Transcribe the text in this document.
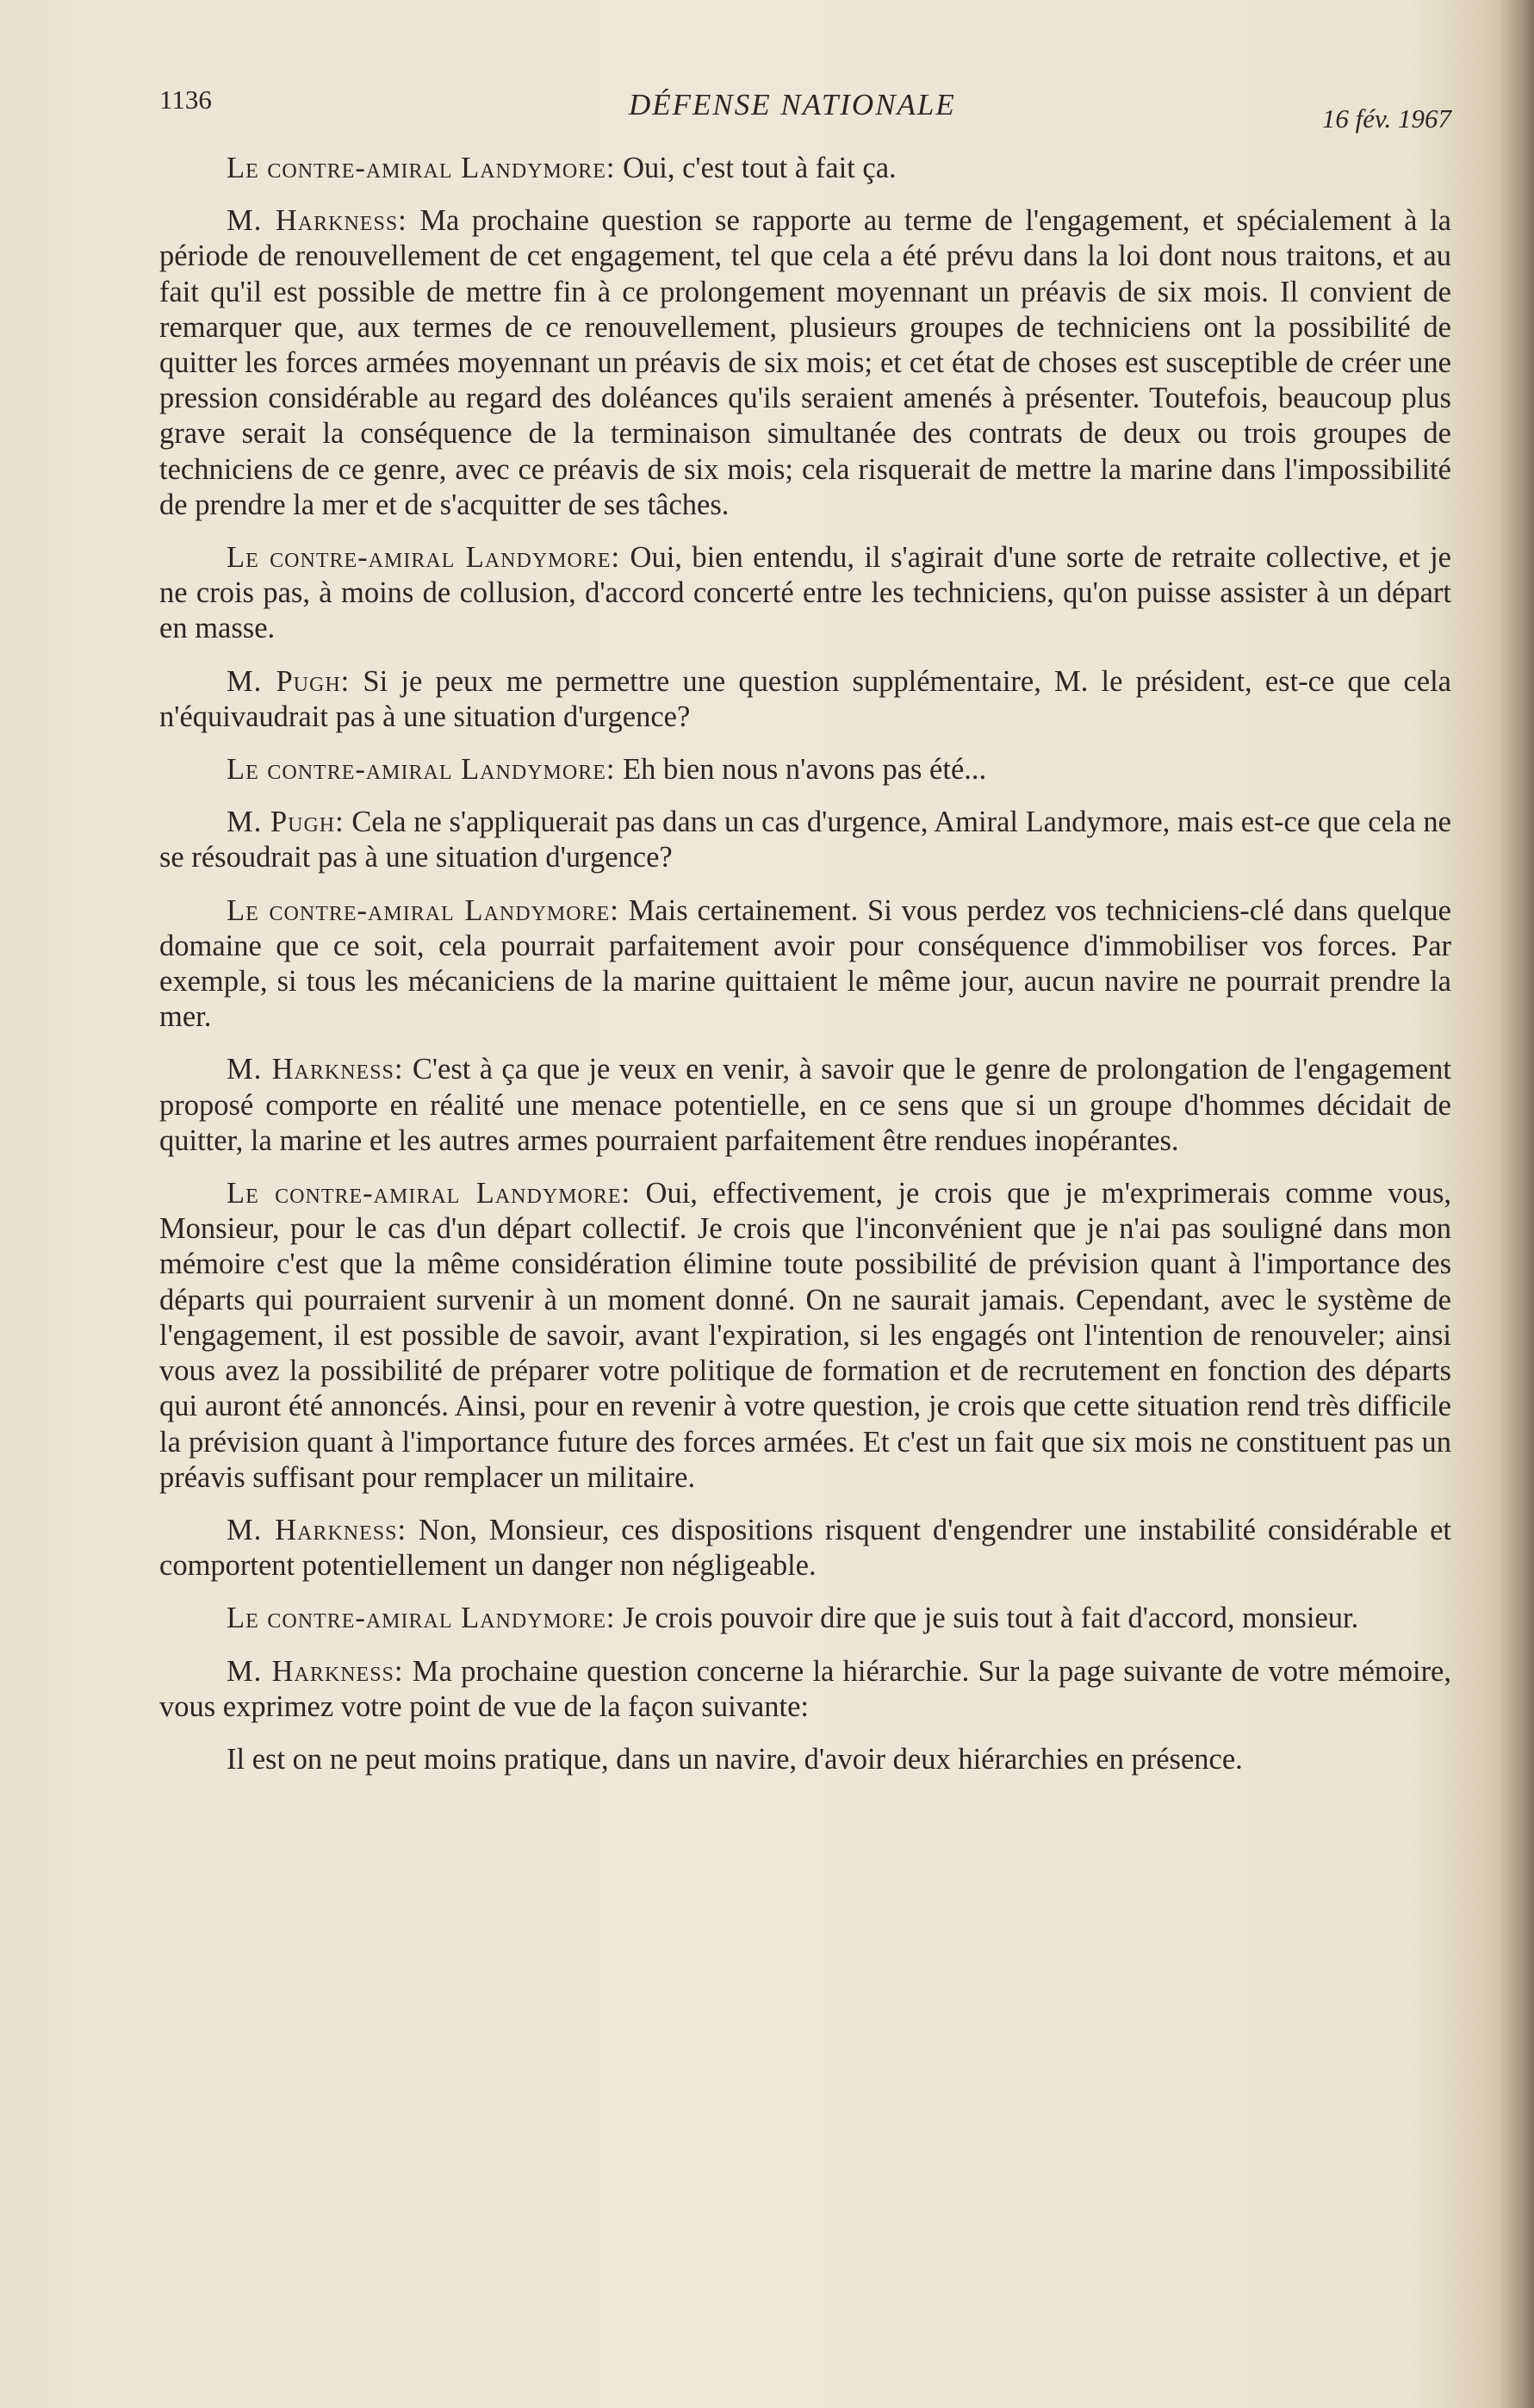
1136	DÉFENSE NATIONALE	16 fév. 1967

Le contre-amiral Landymore: Oui, c'est tout à fait ça.

M. Harkness: Ma prochaine question se rapporte au terme de l'engagement, et spécialement à la période de renouvellement de cet engagement, tel que cela a été prévu dans la loi dont nous traitons, et au fait qu'il est possible de mettre fin à ce prolongement moyennant un préavis de six mois. Il convient de remarquer que, aux termes de ce renouvellement, plusieurs groupes de techniciens ont la possibilité de quitter les forces armées moyennant un préavis de six mois; et cet état de choses est susceptible de créer une pression considérable au regard des doléances qu'ils seraient amenés à présenter. Toutefois, beaucoup plus grave serait la conséquence de la terminaison simultanée des contrats de deux ou trois groupes de techniciens de ce genre, avec ce préavis de six mois; cela risquerait de mettre la marine dans l'impossibilité de prendre la mer et de s'acquitter de ses tâches.

Le contre-amiral Landymore: Oui, bien entendu, il s'agirait d'une sorte de retraite collective, et je ne crois pas, à moins de collusion, d'accord concerté entre les techniciens, qu'on puisse assister à un départ en masse.

M. Pugh: Si je peux me permettre une question supplémentaire, M. le président, est-ce que cela n'équivaudrait pas à une situation d'urgence?

Le contre-amiral Landymore: Eh bien nous n'avons pas été...

M. Pugh: Cela ne s'appliquerait pas dans un cas d'urgence, Amiral Landymore, mais est-ce que cela ne se résoudrait pas à une situation d'urgence?

Le contre-amiral Landymore: Mais certainement. Si vous perdez vos techniciens-clé dans quelque domaine que ce soit, cela pourrait parfaitement avoir pour conséquence d'immobiliser vos forces. Par exemple, si tous les mécaniciens de la marine quittaient le même jour, aucun navire ne pourrait prendre la mer.

M. Harkness: C'est à ça que je veux en venir, à savoir que le genre de prolongation de l'engagement proposé comporte en réalité une menace potentielle, en ce sens que si un groupe d'hommes décidait de quitter, la marine et les autres armes pourraient parfaitement être rendues inopérantes.

Le contre-amiral Landymore: Oui, effectivement, je crois que je m'exprimerais comme vous, Monsieur, pour le cas d'un départ collectif. Je crois que l'inconvénient que je n'ai pas souligné dans mon mémoire c'est que la même considération élimine toute possibilité de prévision quant à l'importance des départs qui pourraient survenir à un moment donné. On ne saurait jamais. Cependant, avec le système de l'engagement, il est possible de savoir, avant l'expiration, si les engagés ont l'intention de renouveler; ainsi vous avez la possibilité de préparer votre politique de formation et de recrutement en fonction des départs qui auront été annoncés. Ainsi, pour en revenir à votre question, je crois que cette situation rend très difficile la prévision quant à l'importance future des forces armées. Et c'est un fait que six mois ne constituent pas un préavis suffisant pour remplacer un militaire.

M. Harkness: Non, Monsieur, ces dispositions risquent d'engendrer une instabilité considérable et comportent potentiellement un danger non négligeable.

Le contre-amiral Landymore: Je crois pouvoir dire que je suis tout à fait d'accord, monsieur.

M. Harkness: Ma prochaine question concerne la hiérarchie. Sur la page suivante de votre mémoire, vous exprimez votre point de vue de la façon suivante:

Il est on ne peut moins pratique, dans un navire, d'avoir deux hiérarchies en présence.
